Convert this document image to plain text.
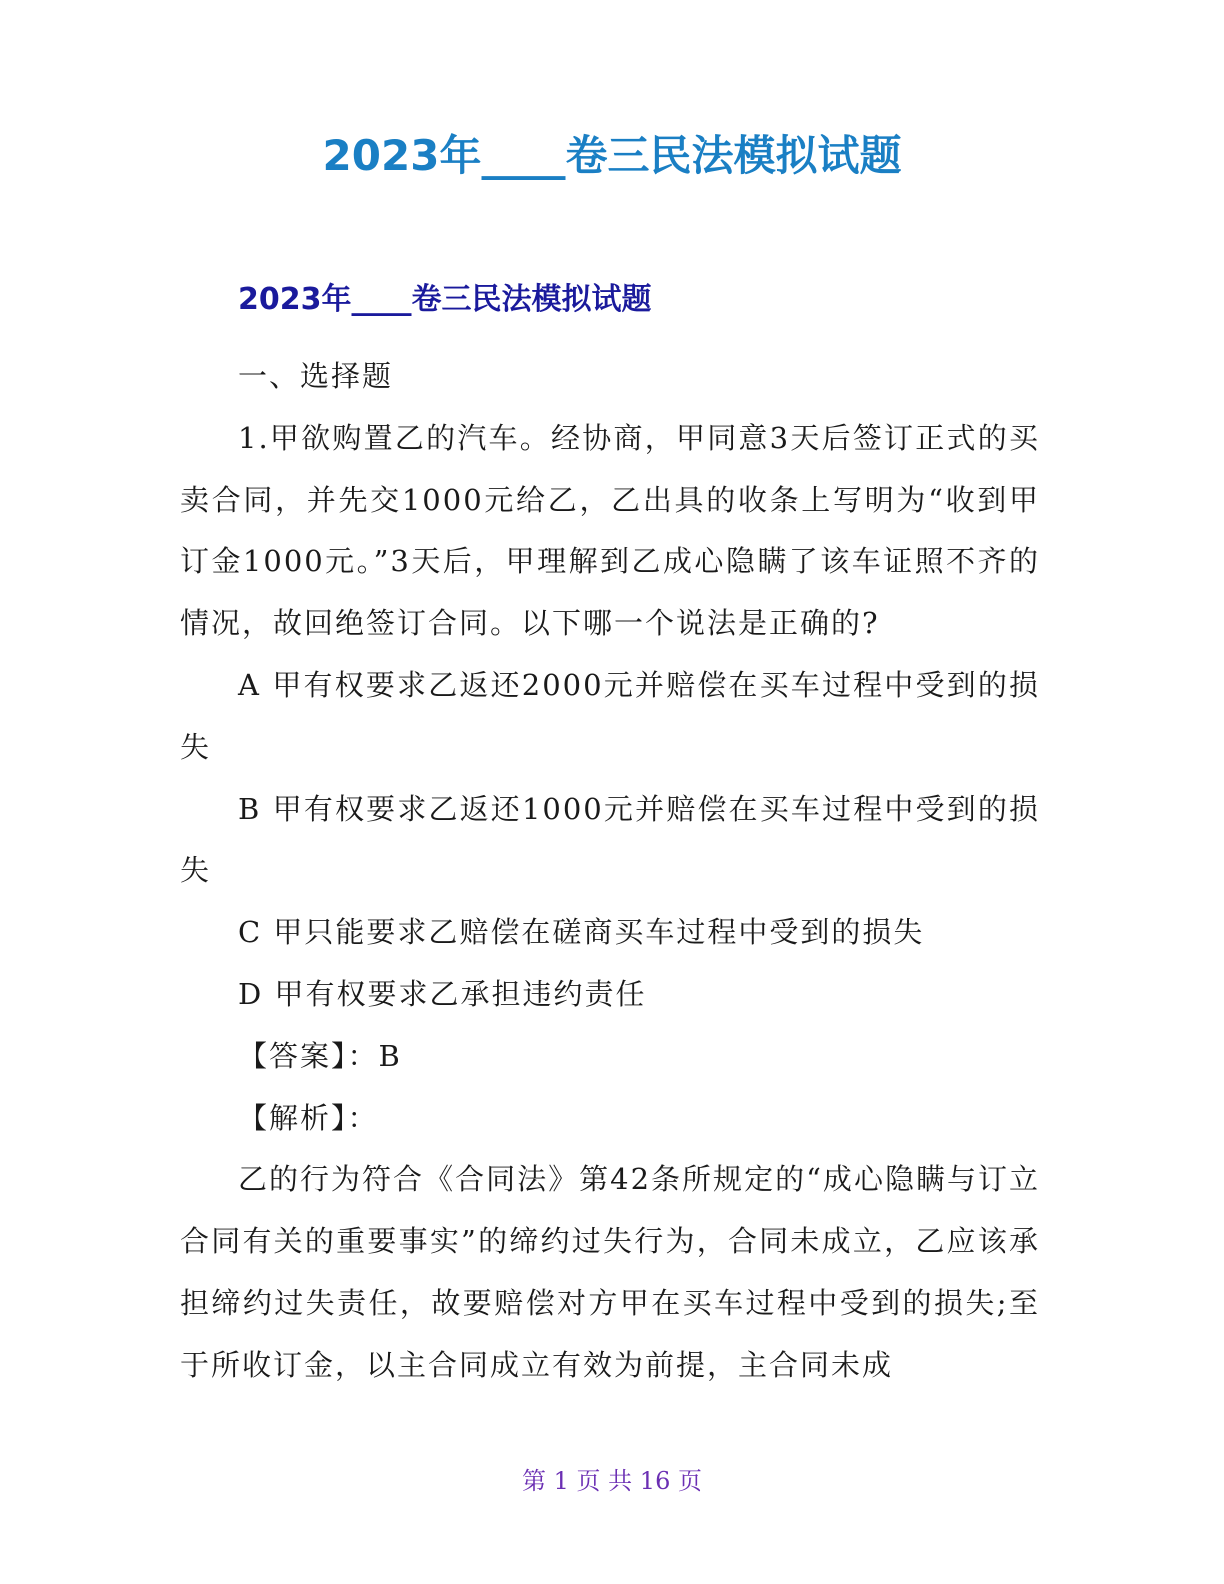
2023年____卷三民法模拟试题
2023年____卷三民法模拟试题

一、选择题

1.甲欲购置乙的汽车。经协商，甲同意3天后签订正式的买卖合同，并先交1000元给乙，乙出具的收条上写明为“收到甲订金1000元。”3天后，甲理解到乙成心隐瞒了该车证照不齐的情况，故回绝签订合同。以下哪一个说法是正确的?

A 甲有权要求乙返还2000元并赔偿在买车过程中受到的损失

B 甲有权要求乙返还1000元并赔偿在买车过程中受到的损失

C 甲只能要求乙赔偿在磋商买车过程中受到的损失

D 甲有权要求乙承担违约责任

【答案】：B

【解析】：

乙的行为符合《合同法》第42条所规定的“成心隐瞒与订立合同有关的重要事实”的缔约过失行为，合同未成立，乙应该承担缔约过失责任，故要赔偿对方甲在买车过程中受到的损失;至于所收订金，以主合同成立有效为前提，主合同未成

第 1 页 共 16 页
